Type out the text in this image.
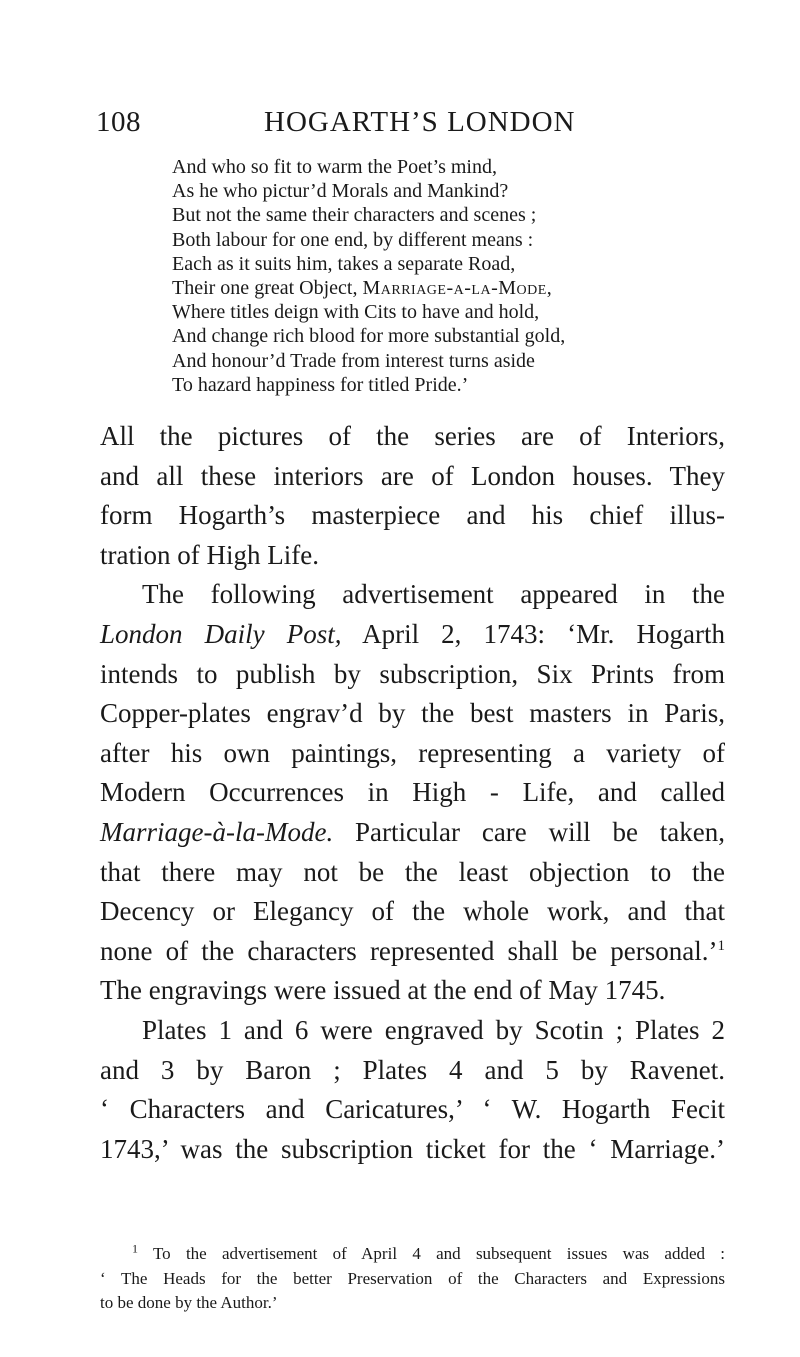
108	HOGARTH’S LONDON
And who so fit to warm the Poet’s mind,
As he who pictur’d Morals and Mankind?
But not the same their characters and scenes ;
Both labour for one end, by different means :
Each as it suits him, takes a separate Road,
Their one great Object, Marriage-a-la-Mode,
Where titles deign with Cits to have and hold,
And change rich blood for more substantial gold,
And honour’d Trade from interest turns aside
To hazard happiness for titled Pride.’
All the pictures of the series are of Interiors,
and all these interiors are of London houses. They
form Hogarth’s masterpiece and his chief illus-
tration of High Life.
The following advertisement appeared in the
London Daily Post, April 2, 1743: ‘Mr. Hogarth
intends to publish by subscription, Six Prints from
Copper-plates engrav’d by the best masters in Paris,
after his own paintings, representing a variety of
Modern Occurrences in High - Life, and called
Marriage-à-la-Mode. Particular care will be taken,
that there may not be the least objection to the
Decency or Elegancy of the whole work, and that
none of the characters represented shall be personal.’$^1$
The engravings were issued at the end of May 1745.
Plates 1 and 6 were engraved by Scotin ; Plates 2
and 3 by Baron ; Plates 4 and 5 by Ravenet.
‘ Characters and Caricatures,’ ‘ W. Hogarth Fecit
1743,’ was the subscription ticket for the ‘ Marriage.’
$^1$ To the advertisement of April 4 and subsequent issues was added :
‘ The Heads for the better Preservation of the Characters and Expressions
to be done by the Author.’
